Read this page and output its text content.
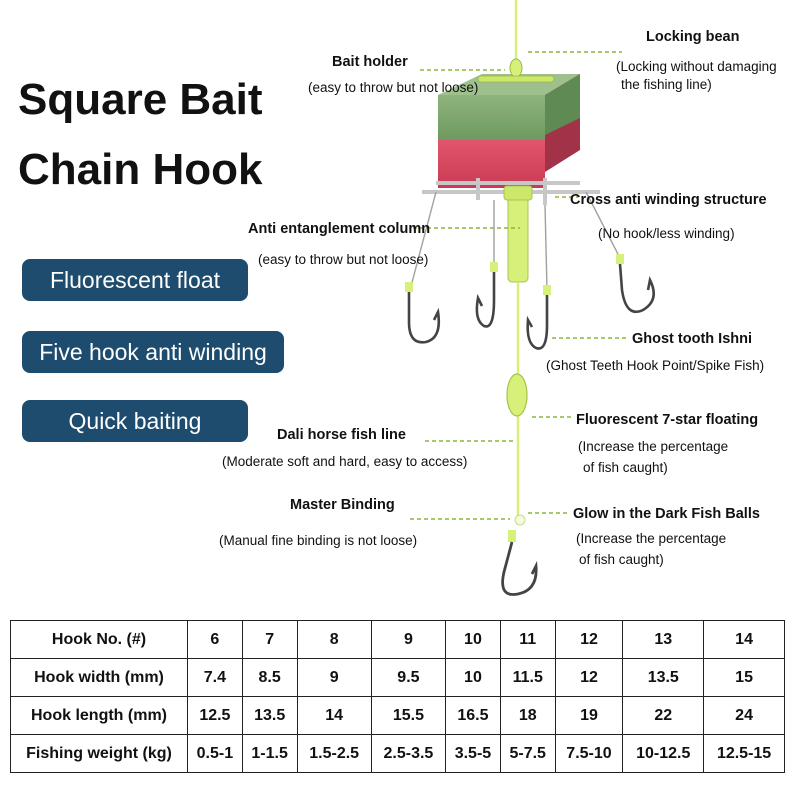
Square Bait
Chain Hook
Fluorescent float
Five hook anti winding
Quick baiting
Bait holder
(easy to throw but not loose)
Locking bean
(Locking without damaging
the fishing line)
Cross anti winding structure
(No hook/less winding)
Anti entanglement column
(easy to throw but not loose)
Ghost tooth Ishni
(Ghost Teeth Hook Point/Spike Fish)
Fluorescent 7-star floating
(Increase the percentage
of fish caught)
Dali horse fish line
(Moderate soft and hard, easy to access)
Master Binding
(Manual fine binding is not loose)
Glow in the Dark Fish Balls
(Increase the percentage
of fish caught)
Hook No. (#)	6	7	8	9	10	11	12	13	14
Hook width (mm)	7.4	8.5	9	9.5	10	11.5	12	13.5	15
Hook length (mm)	12.5	13.5	14	15.5	16.5	18	19	22	24
Fishing weight (kg)	0.5-1	1-1.5	1.5-2.5	2.5-3.5	3.5-5	5-7.5	7.5-10	10-12.5	12.5-15
